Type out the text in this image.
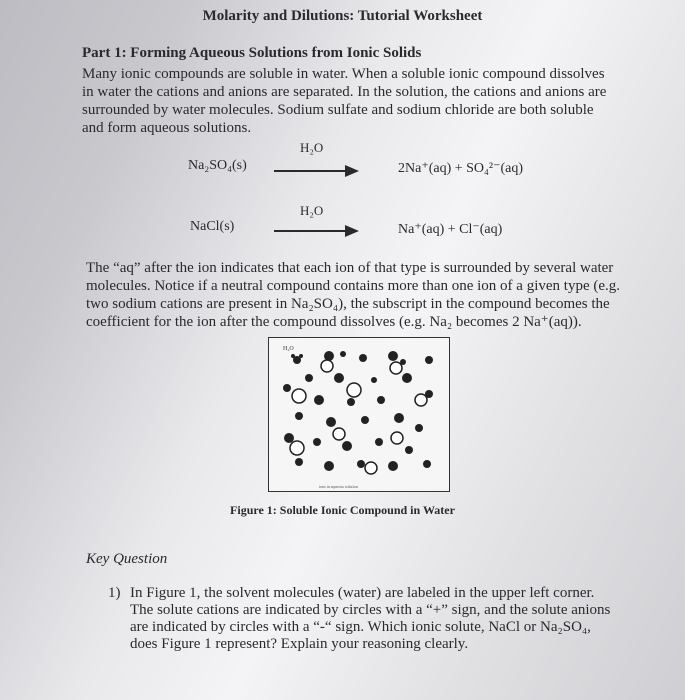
Molarity and Dilutions: Tutorial Worksheet
Part 1: Forming Aqueous Solutions from Ionic Solids
Many ionic compounds are soluble in water. When a soluble ionic compound dissolves
in water the cations and anions are separated. In the solution, the cations and anions are
surrounded by water molecules. Sodium sulfate and sodium chloride are both soluble
and form aqueous solutions.
Na₂SO₄(s)
H₂O
2Na⁺(aq) + SO₄²⁻(aq)
NaCl(s)
H₂O
Na⁺(aq) + Cl⁻(aq)
The “aq” after the ion indicates that each ion of that type is surrounded by several water
molecules. Notice if a neutral compound contains more than one ion of a given type (e.g.
two sodium cations are present in Na₂SO₄), the subscript in the compound becomes the
coefficient for the ion after the compound dissolves (e.g. Na₂ becomes 2 Na⁺(aq)).
H₂O
ions in aqueous solution
Figure 1: Soluble Ionic Compound in Water
Key Question
1) In Figure 1, the solvent molecules (water) are labeled in the upper left corner.
The solute cations are indicated by circles with a “+” sign, and the solute anions
are indicated by circles with a “-“ sign. Which ionic solute, NaCl or Na₂SO₄,
does Figure 1 represent? Explain your reasoning clearly.
